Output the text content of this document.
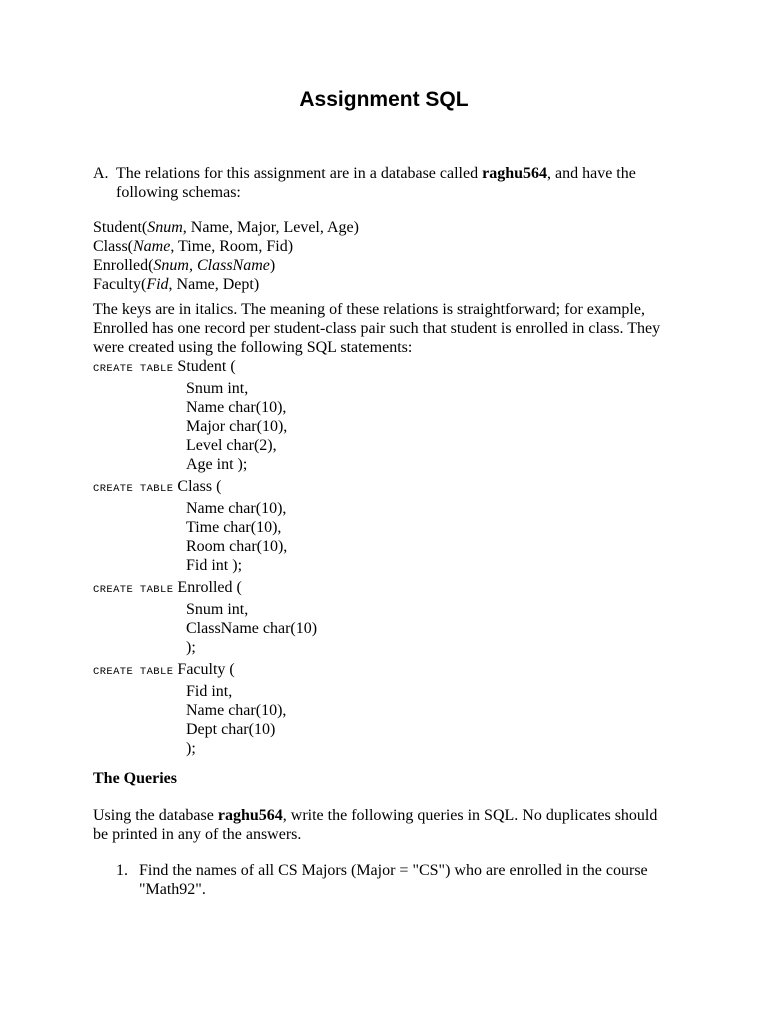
Assignment SQL
A. The relations for this assignment are in a database called raghu564, and have the following schemas:
Student(Snum, Name, Major, Level, Age)
Class(Name, Time, Room, Fid)
Enrolled(Snum, ClassName)
Faculty(Fid, Name, Dept)
The keys are in italics. The meaning of these relations is straightforward; for example, Enrolled has one record per student-class pair such that student is enrolled in class. They were created using the following SQL statements:
CREATE TABLE Student (
Snum int,
Name char(10),
Major char(10),
Level char(2),
Age int );
CREATE TABLE Class (
Name char(10),
Time char(10),
Room char(10),
Fid int );
CREATE TABLE Enrolled (
Snum int,
ClassName char(10)
);
CREATE TABLE Faculty (
Fid int,
Name char(10),
Dept char(10)
);
The Queries
Using the database raghu564, write the following queries in SQL. No duplicates should be printed in any of the answers.
1. Find the names of all CS Majors (Major = "CS") who are enrolled in the course "Math92".
